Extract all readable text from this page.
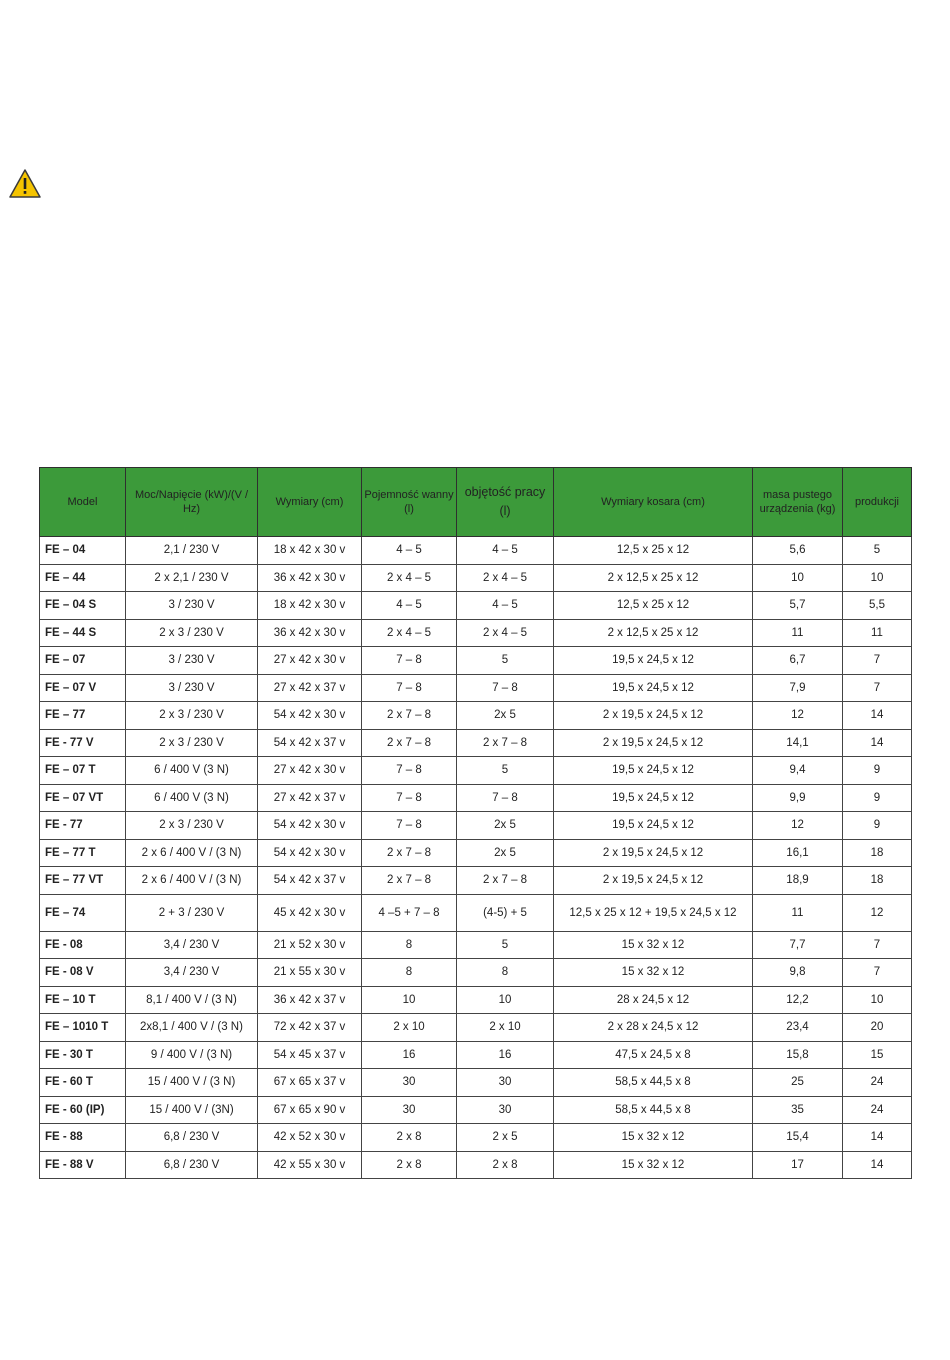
Model	Moc/Napięcie (kW)/(V / Hz)	Wymiary (cm)	Pojemność wanny (l)	objętość pracy (l)	Wymiary kosara (cm)	masa pustego urządzenia (kg)	produkcji
FE – 04	2,1 / 230 V	18 x 42 x 30 v	4 – 5	4 – 5	12,5 x 25 x 12	5,6	5
FE – 44	2 x 2,1 / 230 V	36 x 42 x 30 v	2 x 4 – 5	2 x 4 – 5	2 x 12,5 x 25 x 12	10	10
FE – 04 S	3 / 230 V	18 x 42 x 30 v	4 – 5	4 – 5	12,5 x 25 x 12	5,7	5,5
FE – 44 S	2 x 3 / 230 V	36 x 42 x 30 v	2 x 4 – 5	2 x 4 – 5	2 x 12,5 x 25 x 12	11	11
FE – 07	3 / 230 V	27 x 42 x 30 v	7 – 8	5	19,5 x 24,5 x 12	6,7	7
FE – 07 V	3 / 230 V	27 x 42 x 37 v	7 – 8	7 – 8	19,5 x 24,5 x 12	7,9	7
FE – 77	2 x 3 / 230 V	54 x 42 x 30 v	2 x 7 – 8	2x 5	2 x 19,5 x 24,5 x 12	12	14
FE - 77 V	2 x 3 / 230 V	54 x 42 x 37 v	2 x 7 – 8	2 x 7 – 8	2 x 19,5 x 24,5 x 12	14,1	14
FE – 07 T	6 / 400 V (3 N)	27 x 42 x 30 v	7 – 8	5	19,5 x 24,5 x 12	9,4	9
FE – 07 VT	6 / 400 V (3 N)	27 x 42 x 37 v	7 – 8	7 – 8	19,5 x 24,5 x 12	9,9	9
FE - 77	2 x 3 / 230 V	54 x 42 x 30 v	7 – 8	2x 5	19,5 x 24,5 x 12	12	9
FE – 77 T	2 x 6 / 400 V / (3 N)	54 x 42 x 30 v	2 x 7 – 8	2x 5	2 x 19,5 x 24,5 x 12	16,1	18
FE – 77 VT	2 x 6 / 400 V / (3 N)	54 x 42 x 37 v	2 x 7 – 8	2 x 7 – 8	2 x 19,5 x 24,5 x 12	18,9	18
FE – 74	2 + 3 / 230 V	45 x 42 x 30 v	4 –5 + 7 – 8	(4-5) + 5	12,5 x 25 x 12 + 19,5 x 24,5 x 12	11	12
FE - 08	3,4 / 230 V	21 x 52 x 30 v	8	5	15 x 32 x 12	7,7	7
FE - 08 V	3,4 / 230 V	21 x 55 x 30 v	8	8	15 x 32 x 12	9,8	7
FE – 10 T	8,1 / 400 V / (3 N)	36 x 42 x 37 v	10	10	28 x 24,5 x 12	12,2	10
FE – 1010 T	2x8,1 / 400 V / (3 N)	72 x 42 x 37 v	2 x 10	2 x 10	2 x 28 x 24,5 x 12	23,4	20
FE - 30 T	9 / 400 V / (3 N)	54 x 45 x 37 v	16	16	47,5 x 24,5 x 8	15,8	15
FE - 60 T	15 / 400 V / (3 N)	67 x 65 x 37 v	30	30	58,5 x 44,5 x 8	25	24
FE - 60 (IP)	15 / 400 V / (3N)	67 x 65 x 90 v	30	30	58,5 x 44,5 x 8	35	24
FE - 88	6,8 / 230 V	42 x 52 x 30 v	2 x 8	2 x 5	15 x 32 x 12	15,4	14
FE - 88 V	6,8 / 230 V	42 x 55 x 30 v	2 x 8	2 x 8	15 x 32 x 12	17	14
